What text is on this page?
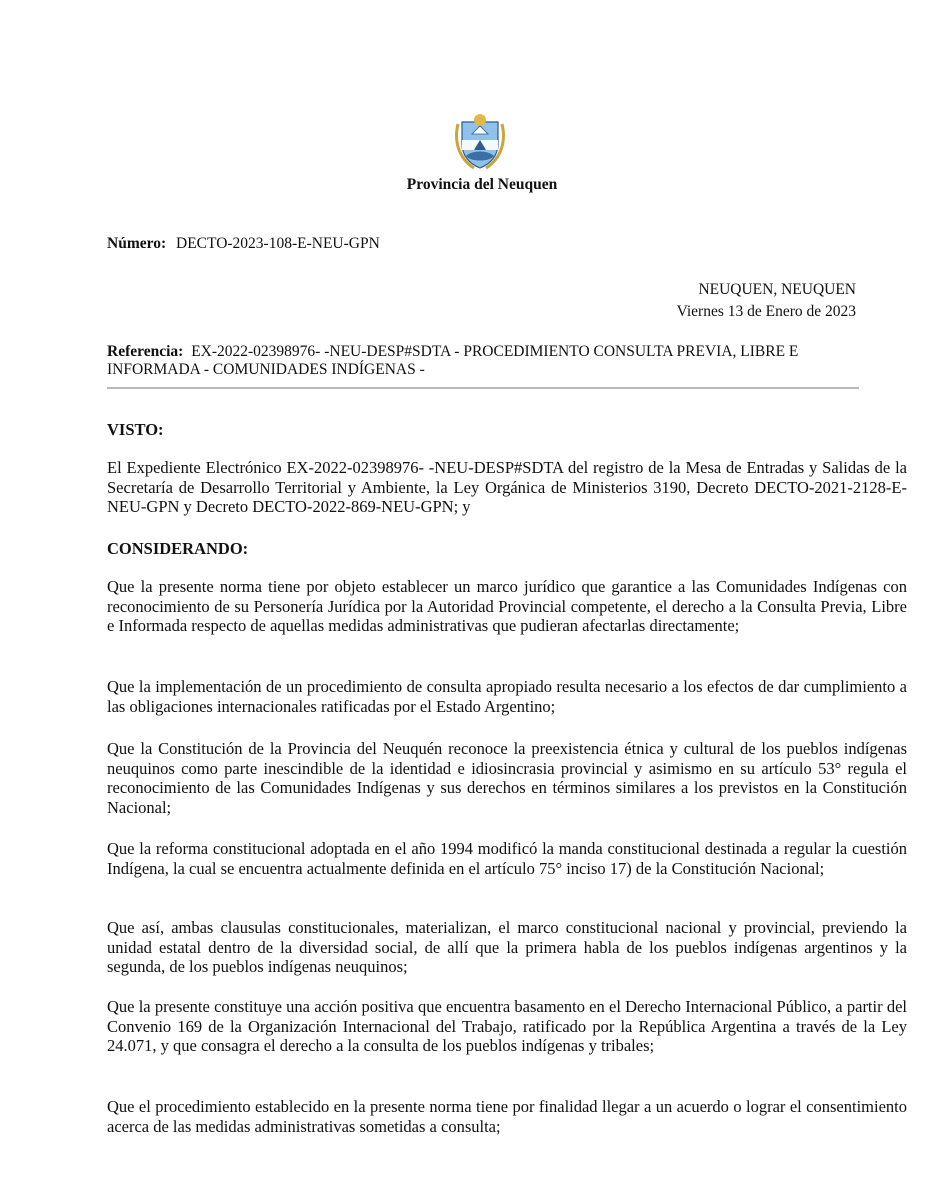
Provincia del Neuquen
Número: DECTO-2023-108-E-NEU-GPN
NEUQUEN, NEUQUEN
Viernes 13 de Enero de 2023
Referencia: EX-2022-02398976- -NEU-DESP#SDTA - PROCEDIMIENTO CONSULTA PREVIA, LIBRE E INFORMADA - COMUNIDADES INDÍGENAS -
VISTO:
El Expediente Electrónico EX-2022-02398976- -NEU-DESP#SDTA del registro de la Mesa de Entradas y Salidas de la Secretaría de Desarrollo Territorial y Ambiente, la Ley Orgánica de Ministerios 3190, Decreto DECTO-2021-2128-E-NEU-GPN y Decreto DECTO-2022-869-NEU-GPN; y
CONSIDERANDO:
Que la presente norma tiene por objeto establecer un marco jurídico que garantice a las Comunidades Indígenas con reconocimiento de su Personería Jurídica por la Autoridad Provincial competente, el derecho a la Consulta Previa, Libre e Informada respecto de aquellas medidas administrativas que pudieran afectarlas directamente;
Que la implementación de un procedimiento de consulta apropiado resulta necesario a los efectos de dar cumplimiento a las obligaciones internacionales ratificadas por el Estado Argentino;
Que la Constitución de la Provincia del Neuquén reconoce la preexistencia étnica y cultural de los pueblos indígenas neuquinos como parte inescindible de la identidad e idiosincrasia provincial y asimismo en su artículo 53° regula el reconocimiento de las Comunidades Indígenas y sus derechos en términos similares a los previstos en la Constitución Nacional;
Que la reforma constitucional adoptada en el año 1994 modificó la manda constitucional destinada a regular la cuestión Indígena, la cual se encuentra actualmente definida en el artículo 75° inciso 17) de la Constitución Nacional;
Que así, ambas clausulas constitucionales, materializan, el marco constitucional nacional y provincial, previendo la unidad estatal dentro de la diversidad social, de allí que la primera habla de los pueblos indígenas argentinos y la segunda, de los pueblos indígenas neuquinos;
Que la presente constituye una acción positiva que encuentra basamento en el Derecho Internacional Público, a partir del Convenio 169 de la Organización Internacional del Trabajo, ratificado por la República Argentina a través de la Ley 24.071, y que consagra el derecho a la consulta de los pueblos indígenas y tribales;
Que el procedimiento establecido en la presente norma tiene por finalidad llegar a un acuerdo o lograr el consentimiento acerca de las medidas administrativas sometidas a consulta;
